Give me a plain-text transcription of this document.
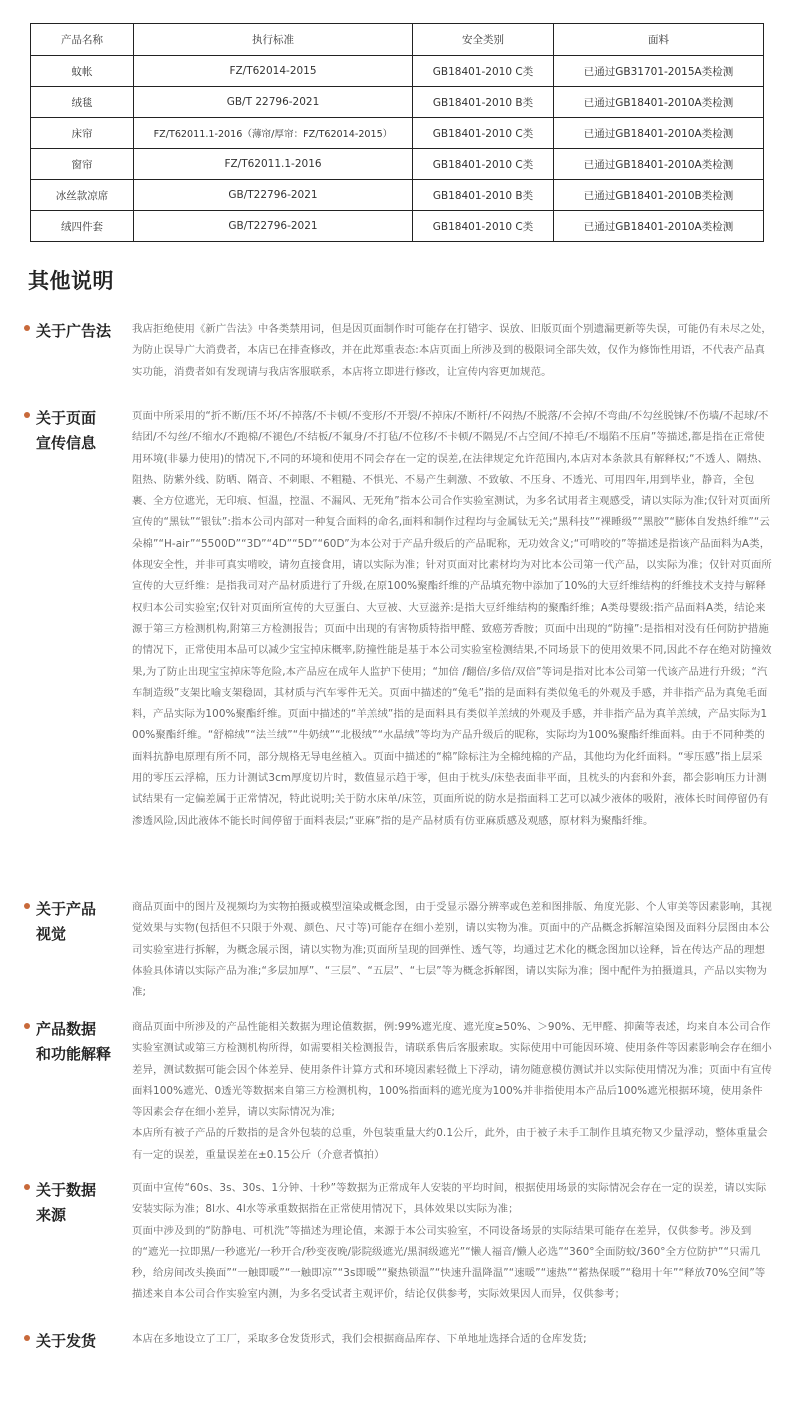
产品名称	执行标准	安全类别	面料
蚊帐	FZ/T62014-2015	GB18401-2010 C类	已通过GB31701-2015A类检测
绒毯	GB/T 22796-2021	GB18401-2010 B类	已通过GB18401-2010A类检测
床帘	FZ/T62011.1-2016（薄帘/厚帘：FZ/T62014-2015）	GB18401-2010 C类	已通过GB18401-2010A类检测
窗帘	FZ/T62011.1-2016	GB18401-2010 C类	已通过GB18401-2010A类检测
冰丝款凉席	GB/T22796-2021	GB18401-2010 B类	已通过GB18401-2010B类检测
绒四件套	GB/T22796-2021	GB18401-2010 C类	已通过GB18401-2010A类检测
其他说明
关于广告法	我店拒绝使用《新广告法》中各类禁用词，但是因页面制作时可能存在打错字、误放、旧版页面个别遗漏更新等失误，可能仍有未尽之处，为防止误导广大消费者，本店已在排查修改，并在此郑重表态:本店页面上所涉及到的极限词全部失效，仅作为修饰性用语，不代表产品真实功能，消费者如有发现请与我店客服联系，本店将立即进行修改，让宣传内容更加规范。

关于页面
宣传信息

页面中所采用的“折不断/压不坏/不掉落/不卡顿/不变形/不开裂/不掉床/不断杆/不闷热/不脱落/不会掉/不弯曲/不勾丝脱铼/不伤墙/不起球/不结团/不勾丝/不缩水/不跑棉/不褪色/不结板/不氟身/不打毡/不位移/不卡顿/不隔晃/不占空间/不掉毛/不塌陷不压肩”等描述,都是指在正常使用环境(非暴力使用)的情况下,不同的环境和使用不同会存在一定的误差,在法律规定允许范围内,本店对本条款具有解释权;“不透人、隔热、阻热、防紫外线、防晒、隔音、不刺眼、不粗糙、不惧光、不易产生刺激、不致敏、不压身、不透光、可用四年,用到毕业，静音，全包裹、全方位遮光，无印痕、恒温，控温、不漏风、无死角”指本公司合作实验室测试，为多名试用者主观感受，请以实际为准;仅针对页面所宣传的“黑钛”“银钛”:指本公司内部对一种复合面料的命名,面料和制作过程均与金属钛无关;“黑科技”“裸睡级”“黑胶”“膨体自发热纤维”“云朵棉”“H-air”“5500D”“3D”“4D”“5D”“60D”为本公对于产品升级后的产品昵称，无功效含义;“可啃咬的”等描述是指该产品面料为A类，体现安全性，并非可真实啃咬，请勿直接食用，请以实际为准；针对页面对比素材均为对比本公司第一代产品，以实际为准；仅针对页面所宣传的大豆纤维：是指我司对产品材质进行了升级,在原100%聚酯纤维的产品填充物中添加了10%的大豆纤维结构的纤维技术支持与解释权归本公司实验室;仅针对页面所宣传的大豆蛋白、大豆被、大豆滋养:是指大豆纤维结构的聚酯纤维；A类母婴级:指产品面料A类，结论来源于第三方检测机构,附第三方检测报告；页面中出现的有害物质特指甲醛、致癌芳香胺；页面中出现的“防撞”:是指相对没有任何防护措施的情况下，正常使用本品可以减少宝宝掉床概率,防撞性能是基于本公司实验室检测结果,不同场景下的使用效果不同,因此不存在绝对防撞效果,为了防止出现宝宝掉床等危险,本产品应在成年人监护下使用；“加倍 /翻倍/多倍/双倍”等词是指对比本公司第一代该产品进行升级；“汽车制造级”支架比喻支架稳固，其材质与汽车零件无关。页面中描述的“兔毛”指的是面料有类似兔毛的外观及手感，并非指产品为真兔毛面料，产品实际为100%聚酯纤维。页面中描述的“羊羔绒”指的是面料具有类似羊羔绒的外观及手感，并非指产品为真羊羔绒，产品实际为100%聚酯纤维。“舒棉绒”“法兰绒”“牛奶绒”“北极绒”“水晶绒”等均为产品升级后的昵称，实际均为100%聚酯纤维面料。由于不同种类的面料抗静电原理有所不同，部分规格无导电丝植入。页面中描述的“棉”除标注为全棉纯棉的产品，其他均为化纤面料。“零压感”指上层采用的零压云浮棉，压力计测试3cm厚度切片时，数值显示趋于零，但由于枕头/床垫表面非平面，且枕头的内套和外套，都会影响压力计测试结果有一定偏差属于正常情况，特此说明;关于防水床单/床笠，页面所说的防水是指面料工艺可以减少液体的吸附，液体长时间停留仍有渗透风险,因此液体不能长时间停留于面料表层;“亚麻”指的是产品材质有仿亚麻质感及观感，原材料为聚酯纤维。

关于产品
视觉

商品页面中的图片及视频均为实物拍摄或模型渲染或概念图，由于受显示器分辨率或色差和图排版、角度光影、个人审美等因素影响，其视觉效果与实物(包括但不只限于外观、颜色、尺寸等)可能存在细小差别，请以实物为准。页面中的产品概念拆解渲染图及面料分层图由本公司实验室进行拆解，为概念展示图，请以实物为准;页面所呈现的回弹性、透气等，均通过艺术化的概念图加以诠释，旨在传达产品的理想体验具体请以实际产品为准;“多层加厚”、“三层”、“五层”、“七层”等为概念拆解图，请以实际为准；图中配件为拍摄道具，产品以实物为准;

产品数据
和功能解释

商品页面中所涉及的产品性能相关数据为理论值数据，例:99%遮光度、遮光度≥50%、＞90%、无甲醛、抑菌等表述，均来自本公司合作实验室测试或第三方检测机构所得，如需要相关检测报告，请联系售后客服索取。实际使用中可能因环境、使用条件等因素影响会存在细小差异，测试数据可能会因个体差异、使用条件计算方式和环境因素轻微上下浮动，请勿随意模仿测试并以实际使用情况为准；页面中有宣传面料100%遮光、0透光等数据来自第三方检测机构，100%指面料的遮光度为100%并非指使用本产品后100%遮光根据环境，使用条件等因素会存在细小差异，请以实际情况为准;

本店所有被子产品的斤数指的是含外包装的总重，外包装重量大约0.1公斤，此外，由于被子未手工制作且填充物又少量浮动，整体重量会有一定的误差，重量误差在±0.15公斤（介意者慎拍）

关于数据
来源

页面中宣传“60s、3s、30s、1分钟、十秒”等数据为正常成年人安装的平均时间，根据使用场景的实际情况会存在一定的误差，请以实际安装实际为准；8l水、4l水等承重数据指在正常使用情况下，具体效果以实际为准；

页面中涉及到的“防静电、可机洗”等描述为理论值，来源于本公司实验室，不同设备场景的实际结果可能存在差异，仅供参考。涉及到的“遮光一拉即黑/一秒遮光/一秒开合/秒变夜晚/影院级遮光/黑洞级遮光”“懒人福音/懒人必选”“360°全面防蚊/360°全方位防护”“只需几秒，给房间改头换面”“一触即暖”“一触即凉”“3s即暖”“聚热锁温”“快速升温降温”“速暖”“速热”“蓄热保暖”“稳用十年”“释放70%空间”等描述来自本公司合作实验室内测，为多名受试者主观评价，结论仅供参考，实际效果因人而异，仅供参考；

关于发货	本店在多地设立了工厂，采取多仓发货形式，我们会根据商品库存、下单地址选择合适的仓库发货;
